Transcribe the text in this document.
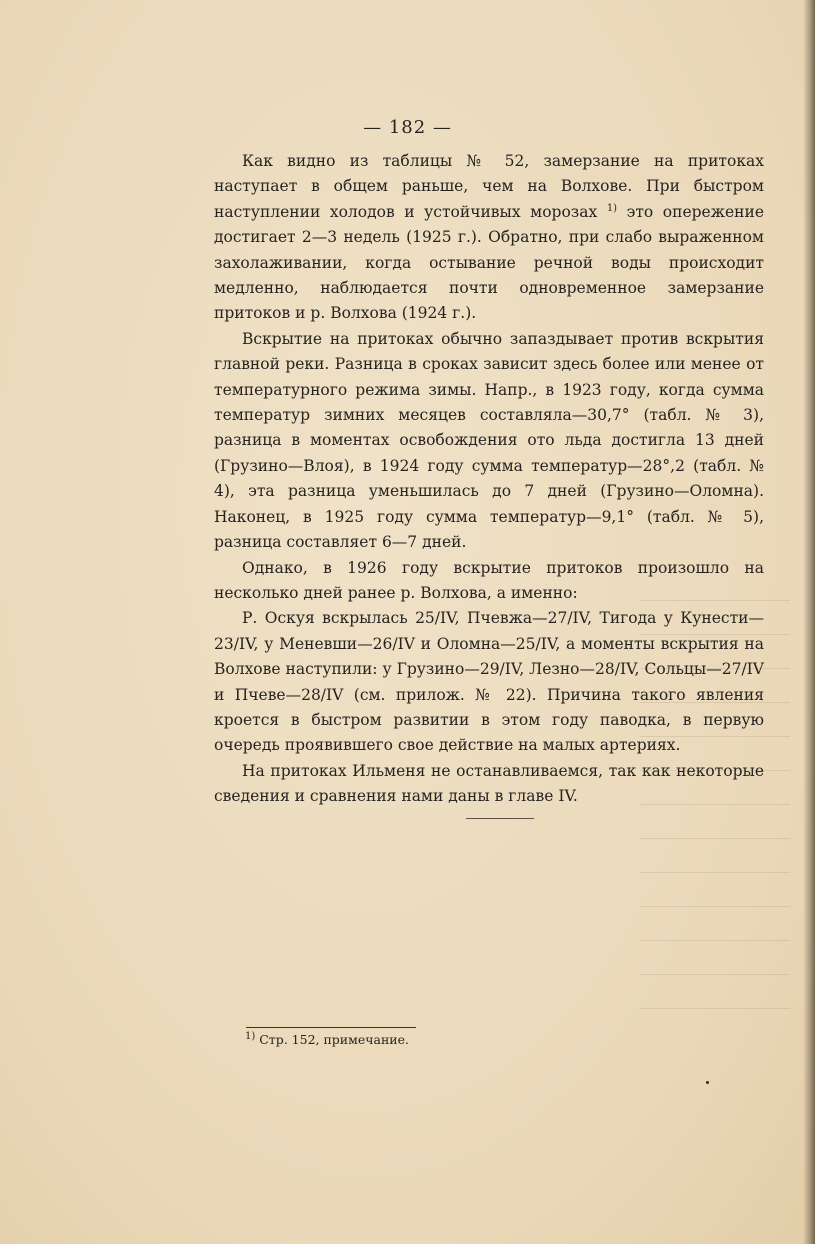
— 182 —

Как видно из таблицы № 52, замерзание на притоках наступает в общем раньше, чем на Волхове. При быстром наступлении холодов и устойчивых морозах $^{1)}$ это опережение достигает 2—3 недель (1925 г.). Обратно, при слабо выраженном захолаживании, когда остывание речной воды происходит медленно, наблюдается почти одновременное замерзание притоков и р. Волхова (1924 г.).

Вскрытие на притоках обычно запаздывает против вскрытия главной реки. Разница в сроках зависит здесь более или менее от температурного режима зимы. Напр., в 1923 году, когда сумма температур зимних месяцев составляла—30,7° (табл. № 3), разница в моментах освобождения ото льда достигла 13 дней (Грузино—Влоя), в 1924 году сумма температур—28°,2 (табл. № 4), эта разница уменьшилась до 7 дней (Грузино—Оломна). Наконец, в 1925 году сумма температур—9,1° (табл. № 5), разница составляет 6—7 дней.

Однако, в 1926 году вскрытие притоков произошло на несколько дней ранее р. Волхова, а именно:

Р. Оскуя вскрылась 25/IV, Пчевжа—27/IV, Тигода у Кунести—23/IV, у Меневши—26/IV и Оломна—25/IV, а моменты вскрытия на Волхове наступили: у Грузино—29/IV, Лезно—28/IV, Сольцы—27/IV и Пчеве—28/IV (см. прилож. № 22). Причина такого явления кроется в быстром развитии в этом году паводка, в первую очередь проявившего свое действие на малых артериях.

На притоках Ильменя не останавливаемся, так как некоторые сведения и сравнения нами даны в главе IV.

$^{1)}$ Стр. 152, примечание.
